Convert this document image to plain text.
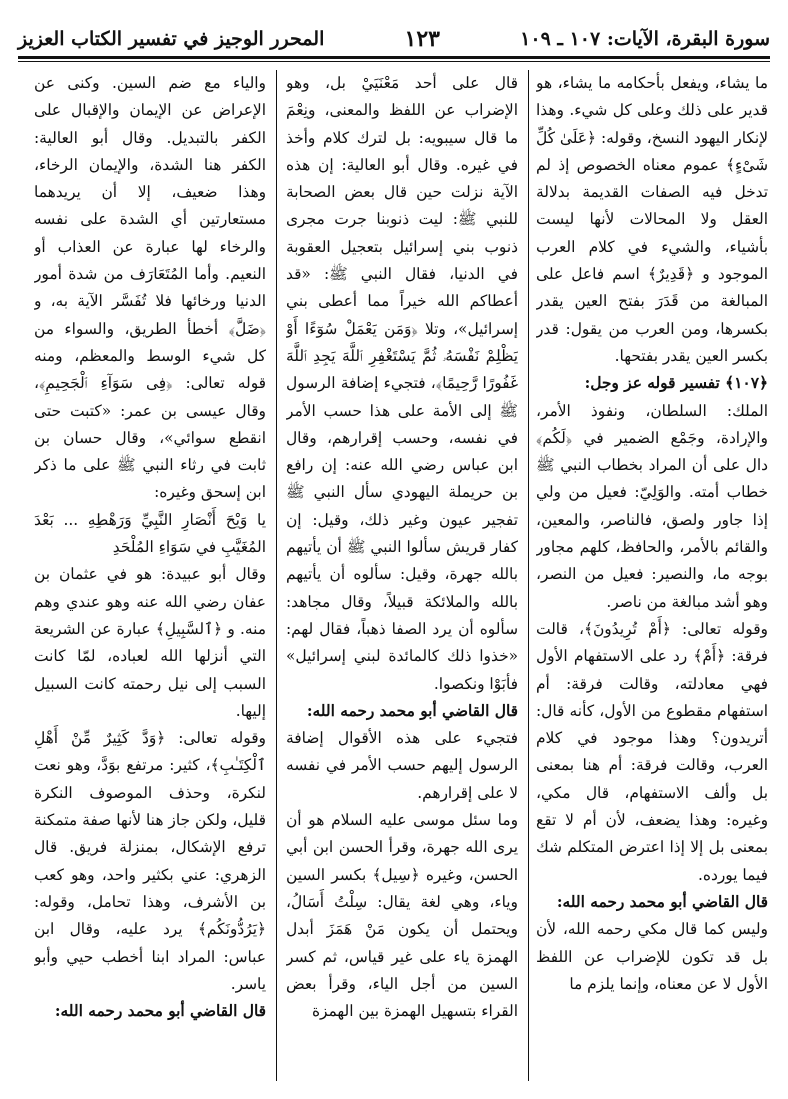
سورة البقرة، الآيات: ١٠٧ ـ ١٠٩
١٢٣
المحرر الوجيز في تفسير الكتاب العزيز

ما يشاء، ويفعل بأحكامه ما يشاء، هو قدير على ذلك وعلى كل شيء. وهذا لإنكار اليهود النسخ، وقوله: ﴿عَلَىٰ كُلِّ شَىْءٍ﴾ عموم معناه الخصوص إذ لم تدخل فيه الصفات القديمة بدلالة العقل ولا المحالات لأنها ليست بأشياء، والشيء في كلام العرب الموجود و ﴿قَدِيرٌ﴾ اسم فاعل على المبالغة من قَدَرَ بفتح العين يقدر بكسرها، ومن العرب من يقول: قدر بكسر العين يقدر بفتحها.

﴿١٠٧﴾ تفسير قوله عز وجل:

الملك: السلطان، ونفوذ الأمر، والإرادة، وجَمْع الضمير في ﴿لَكُم﴾ دال على أن المراد بخطاب النبي ﷺ خطاب أمته. والوَلِيّ: فعيل من ولي إذا جاور ولصق، فالناصر، والمعين، والقائم بالأمر، والحافظ، كلهم مجاور بوجه ما، والنصير: فعيل من النصر، وهو أشد مبالغة من ناصر.

وقوله تعالى: ﴿أَمْ تُرِيدُونَ﴾، قالت فرقة: ﴿أَمْ﴾ رد على الاستفهام الأول فهي معادلته، وقالت فرقة: أم استفهام مقطوع من الأول، كأنه قال: أتريدون؟ وهذا موجود في كلام العرب، وقالت فرقة: أم هنا بمعنى بل وألف الاستفهام، قال مكي، وغيره: وهذا يضعف، لأن أم لا تقع بمعنى بل إلا إذا اعترض المتكلم شك فيما يورده.

قال القاضي أبو محمد رحمه الله:

وليس كما قال مكي رحمه الله، لأن بل قد تكون للإضراب عن اللفظ الأول لا عن معناه، وإنما يلزم ما

قال على أحد مَعْنَيَيْ بل، وهو الإضراب عن اللفظ والمعنى، ونِعْمَ ما قال سيبويه: بل لترك كلام وأخذ في غيره. وقال أبو العالية: إن هذه الآية نزلت حين قال بعض الصحابة للنبي ﷺ: ليت ذنوبنا جرت مجرى ذنوب بني إسرائيل بتعجيل العقوبة في الدنيا، فقال النبي ﷺ: «قد أعطاكم الله خيراً مما أعطى بني إسرائيل»، وتلا ﴿وَمَن يَعْمَلْ سُوٓءًا أَوْ يَظْلِمْ نَفْسَهُۥ ثُمَّ يَسْتَغْفِرِ ٱللَّهَ يَجِدِ ٱللَّهَ غَفُورًا رَّحِيمًا﴾، فتجيء إضافة الرسول ﷺ إلى الأمة على هذا حسب الأمر في نفسه، وحسب إقرارهم، وقال ابن عباس رضي الله عنه: إن رافع بن حريملة اليهودي سأل النبي ﷺ تفجير عيون وغير ذلك، وقيل: إن كفار قريش سألوا النبي ﷺ أن يأتيهم بالله جهرة، وقيل: سألوه أن يأتيهم بالله والملائكة قبيلاً، وقال مجاهد: سألوه أن يرد الصفا ذهباً، فقال لهم: «خذوا ذلك كالمائدة لبني إسرائيل» فأبَوْا ونكصوا.

قال القاضي أبو محمد رحمه الله:

فتجيء على هذه الأقوال إضافة الرسول إليهم حسب الأمر في نفسه لا على إقرارهم.

وما سئل موسى عليه السلام هو أن يرى الله جهرة، وقرأ الحسن ابن أبي الحسن، وغيره ﴿سِيل﴾ بكسر السين وياء، وهي لغة يقال: سِلْتُ أَسَالُ، ويحتمل أن يكون مَنْ هَمَزَ أبدل الهمزة ياء على غير قياس، ثم كسر السين من أجل الياء، وقرأ بعض القراء بتسهيل الهمزة بين الهمزة

والياء مع ضم السين. وكنى عن الإعراض عن الإيمان والإقبال على الكفر بالتبديل. وقال أبو العالية: الكفر هنا الشدة، والإيمان الرخاء، وهذا ضعيف، إلا أن يريدهما مستعارتين أي الشدة على نفسه والرخاء لها عبارة عن العذاب أو النعيم. وأما المُتَعَارَف من شدة أمور الدنيا ورخائها فلا تُفَسَّر الآية به، و ﴿ضَلَّ﴾ أخطأ الطريق، والسواء من كل شيء الوسط والمعظم، ومنه قوله تعالى: ﴿فِى سَوَآءِ ٱلْجَحِيمِ﴾، وقال عيسى بن عمر: «كتبت حتى انقطع سوائي»، وقال حسان بن ثابت في رثاء النبي ﷺ على ما ذكر ابن إسحق وغيره:

يا وَيْحَ أَنْصَارِ النَّبِيِّ وَرَهْطِهِ ... بَعْدَ المُغَيَّبِ في سَوَاءِ المُلْحَدِ

وقال أبو عبيدة: هو في عثمان بن عفان رضي الله عنه وهو عندي وهم منه. و ﴿ٱلسَّبِيلِ﴾ عبارة عن الشريعة التي أنزلها الله لعباده، لمّا كانت السبب إلى نيل رحمته كانت السبيل إليها.

وقوله تعالى: ﴿وَدَّ كَثِيرٌ مِّنْ أَهْلِ ٱلْكِتَـٰبِ﴾، كثير: مرتفع بوَدَّ، وهو نعت لنكرة، وحذف الموصوف النكرة قليل، ولكن جاز هنا لأنها صفة متمكنة ترفع الإشكال، بمنزلة فريق. قال الزهري: عني بكثير واحد، وهو كعب بن الأشرف، وهذا تحامل، وقوله: ﴿يَرُدُّونَكُم﴾ يرد عليه، وقال ابن عباس: المراد ابنا أخطب حيي وأبو ياسر.

قال القاضي أبو محمد رحمه الله:
